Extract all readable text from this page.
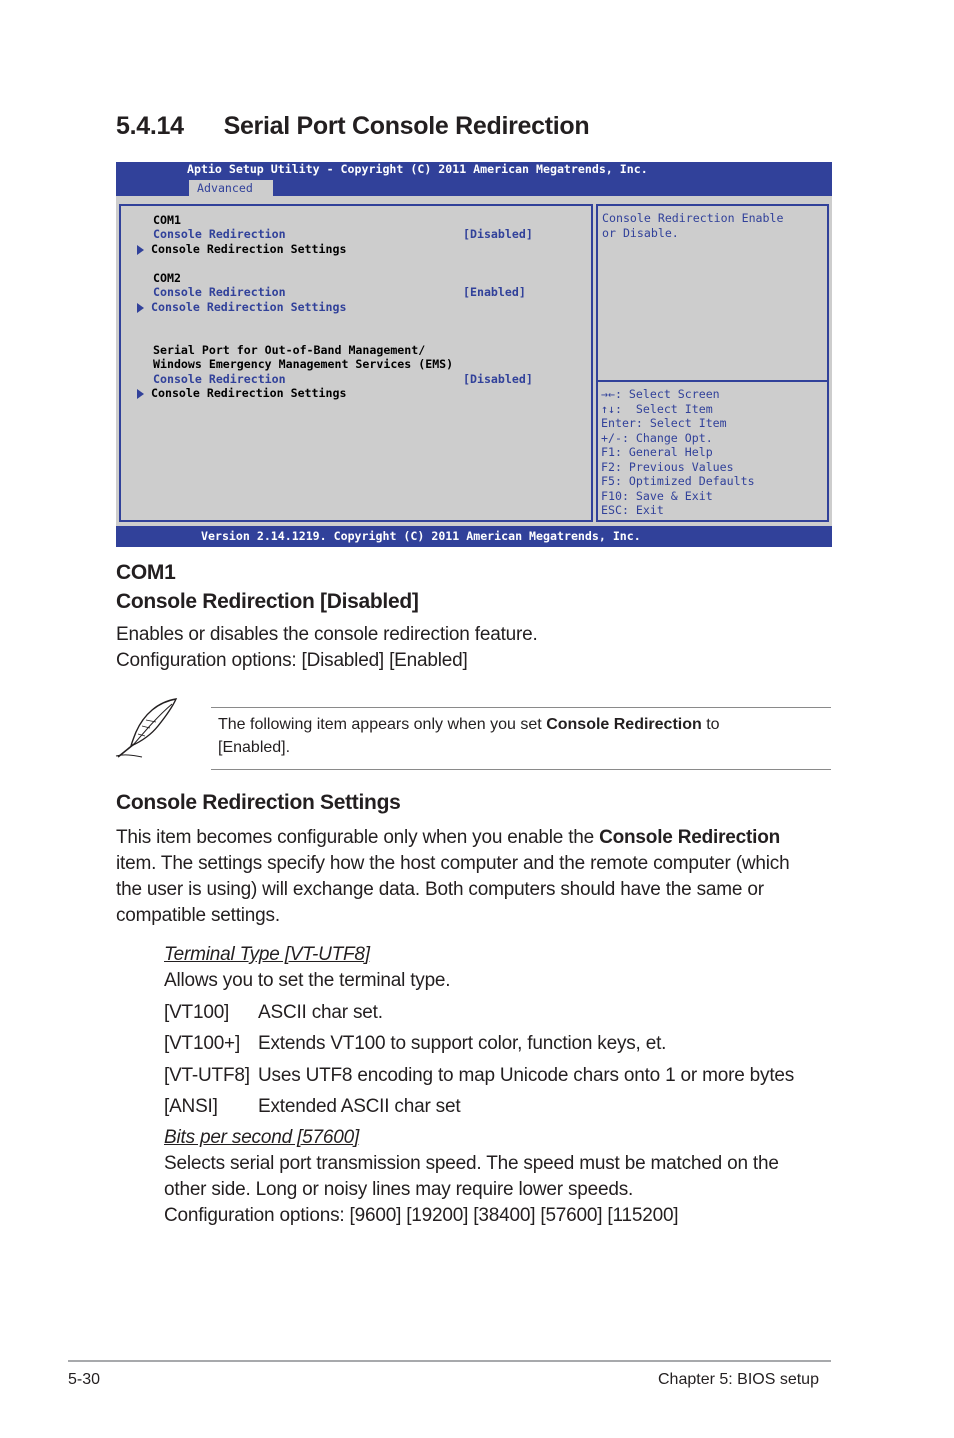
5.4.14      Serial Port Console Redirection
Aptio Setup Utility - Copyright (C) 2011 American Megatrends, Inc.
Advanced
COM1
Console Redirection	[Disabled]
Console Redirection Settings
COM2
Console Redirection	[Enabled]
Console Redirection Settings
Serial Port for Out-of-Band Management/
Windows Emergency Management Services (EMS)
Console Redirection	[Disabled]
Console Redirection Settings
Console Redirection Enable
or Disable.
→←: Select Screen
↑↓:  Select Item
Enter: Select Item
+/-: Change Opt.
F1: General Help
F2: Previous Values
F5: Optimized Defaults
F10: Save & Exit
ESC: Exit
Version 2.14.1219. Copyright (C) 2011 American Megatrends, Inc.
COM1
Console Redirection [Disabled]
Enables or disables the console redirection feature.
Configuration options: [Disabled] [Enabled]
The following item appears only when you set Console Redirection to
[Enabled].
Console Redirection Settings
This item becomes configurable only when you enable the Console Redirection
item. The settings specify how the host computer and the remote computer (which
the user is using) will exchange data. Both computers should have the same or
compatible settings.
Terminal Type [VT-UTF8]
Allows you to set the terminal type.
[VT100] ASCII char set.
[VT100+] Extends VT100 to support color, function keys, et.
[VT-UTF8] Uses UTF8 encoding to map Unicode chars onto 1 or more bytes
[ANSI] Extended ASCII char set
Bits per second [57600]
Selects serial port transmission speed. The speed must be matched on the
other side. Long or noisy lines may require lower speeds.
Configuration options: [9600] [19200] [38400] [57600] [115200]
5-30	Chapter 5: BIOS setup
